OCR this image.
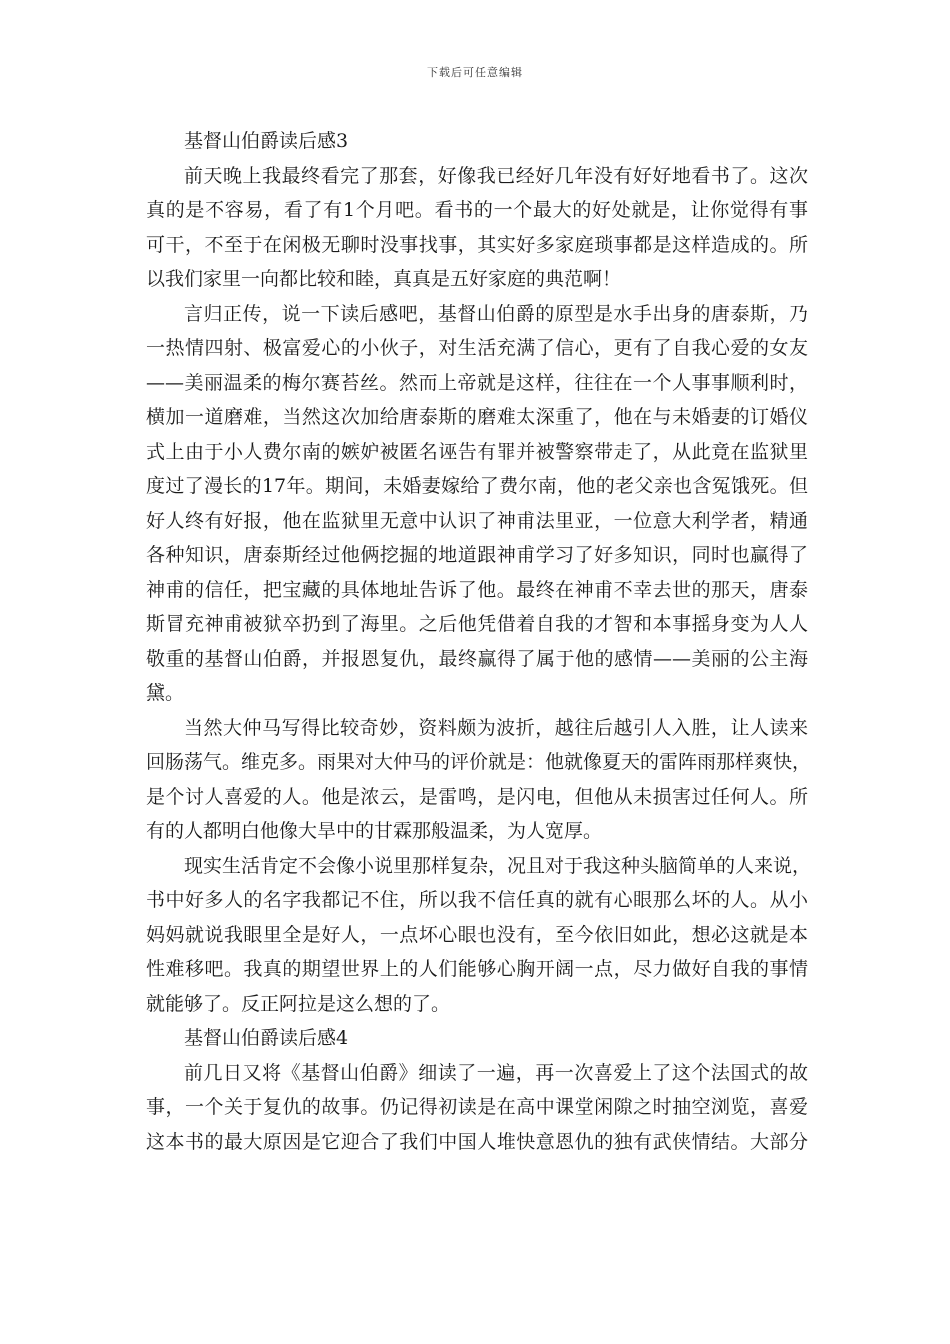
下载后可任意编辑
基督山伯爵读后感3
前天晚上我最终看完了那套，好像我已经好几年没有好好地看书了。这次
真的是不容易，看了有1个月吧。看书的一个最大的好处就是，让你觉得有事
可干，不至于在闲极无聊时没事找事，其实好多家庭琐事都是这样造成的。所
以我们家里一向都比较和睦，真真是五好家庭的典范啊！
言归正传，说一下读后感吧，基督山伯爵的原型是水手出身的唐泰斯，乃
一热情四射、极富爱心的小伙子，对生活充满了信心，更有了自我心爱的女友
——美丽温柔的梅尔赛苔丝。然而上帝就是这样，往往在一个人事事顺利时，
横加一道磨难，当然这次加给唐泰斯的磨难太深重了，他在与未婚妻的订婚仪
式上由于小人费尔南的嫉妒被匿名诬告有罪并被警察带走了，从此竟在监狱里
度过了漫长的17年。期间，未婚妻嫁给了费尔南，他的老父亲也含冤饿死。但
好人终有好报，他在监狱里无意中认识了神甫法里亚，一位意大利学者，精通
各种知识，唐泰斯经过他俩挖掘的地道跟神甫学习了好多知识，同时也赢得了
神甫的信任，把宝藏的具体地址告诉了他。最终在神甫不幸去世的那天，唐泰
斯冒充神甫被狱卒扔到了海里。之后他凭借着自我的才智和本事摇身变为人人
敬重的基督山伯爵，并报恩复仇，最终赢得了属于他的感情——美丽的公主海
黛。
当然大仲马写得比较奇妙，资料颇为波折，越往后越引人入胜，让人读来
回肠荡气。维克多。雨果对大仲马的评价就是：他就像夏天的雷阵雨那样爽快，
是个讨人喜爱的人。他是浓云，是雷鸣，是闪电，但他从未损害过任何人。所
有的人都明白他像大旱中的甘霖那般温柔，为人宽厚。
现实生活肯定不会像小说里那样复杂，况且对于我这种头脑简单的人来说，
书中好多人的名字我都记不住，所以我不信任真的就有心眼那么坏的人。从小
妈妈就说我眼里全是好人，一点坏心眼也没有，至今依旧如此，想必这就是本
性难移吧。我真的期望世界上的人们能够心胸开阔一点，尽力做好自我的事情
就能够了。反正阿拉是这么想的了。
基督山伯爵读后感4
前几日又将《基督山伯爵》细读了一遍，再一次喜爱上了这个法国式的故
事，一个关于复仇的故事。仍记得初读是在高中课堂闲隙之时抽空浏览，喜爱
这本书的最大原因是它迎合了我们中国人堆快意恩仇的独有武侠情结。大部分
